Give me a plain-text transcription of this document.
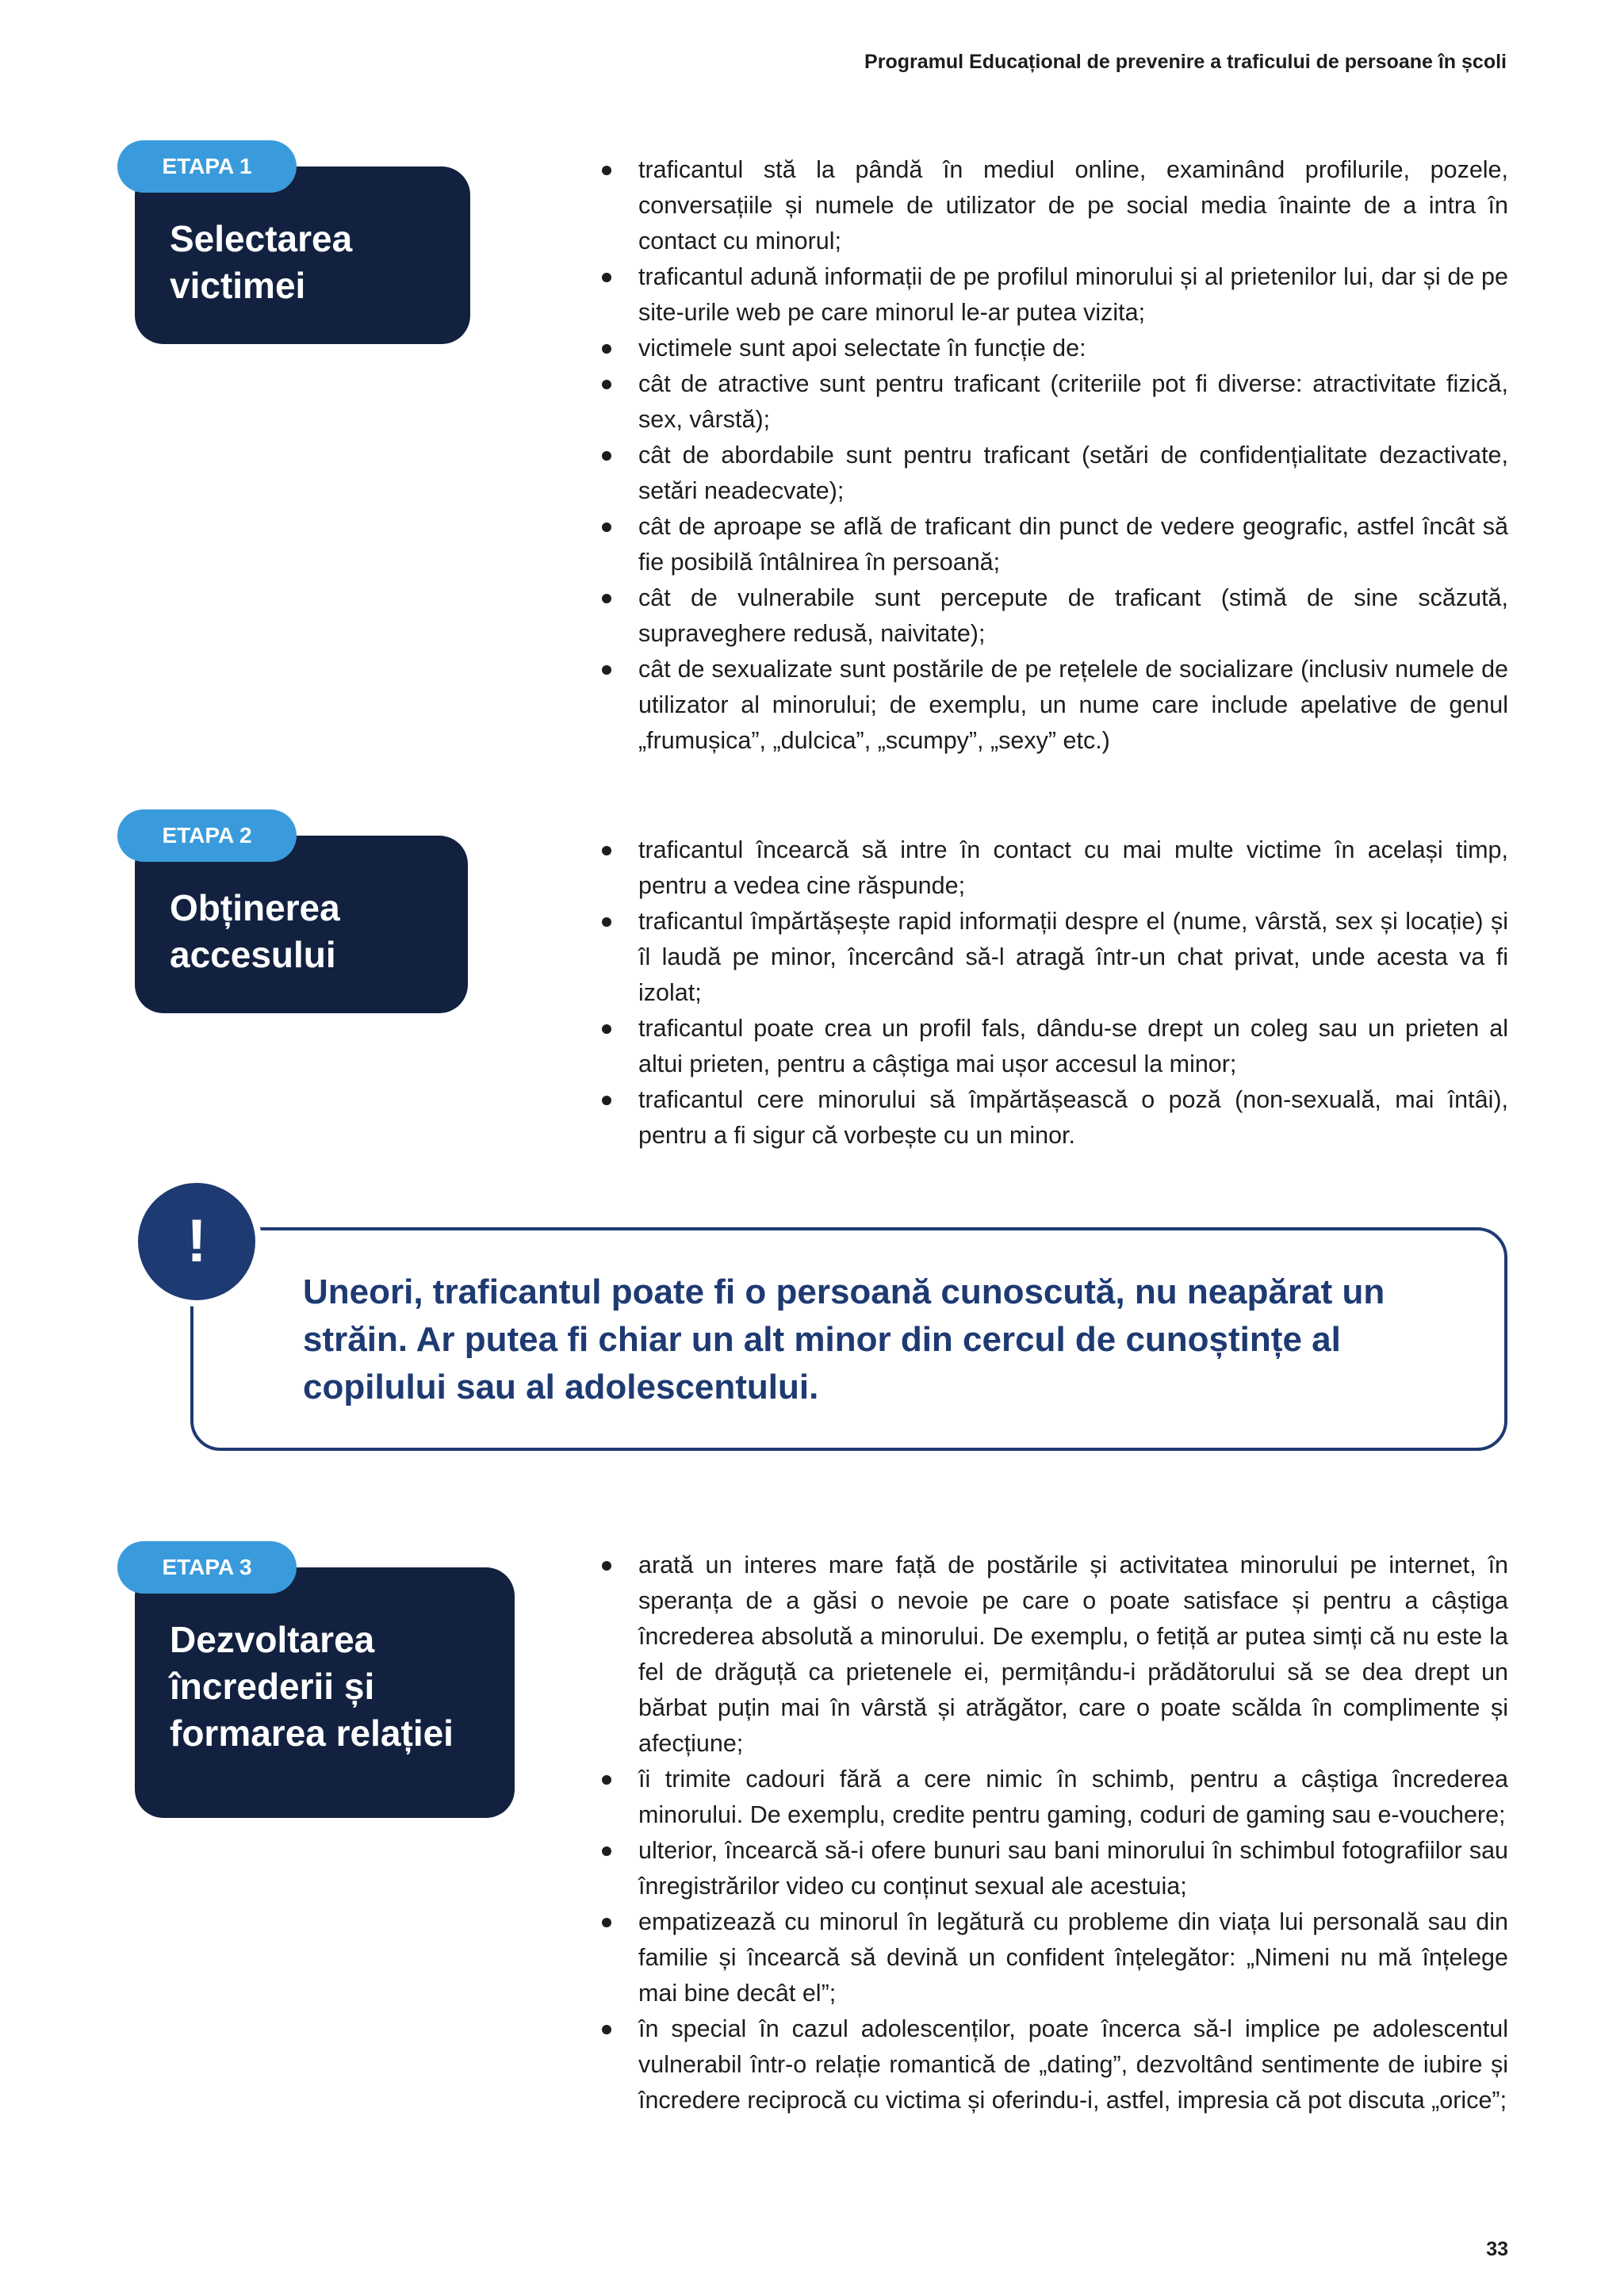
Programul Educațional de prevenire a traficului de persoane în școli
Selectarea
victimei
ETAPA 1	traficantul stă la pândă în mediul online, examinând profilurile, pozele, conversațiile și numele de utilizator de pe social media înainte de a intra în contact cu minorul;
traficantul adună informații de pe profilul minorului și al prietenilor lui, dar și de pe site-urile web pe care minorul le-ar putea vizita;
victimele sunt apoi selectate în funcție de:
cât de atractive sunt pentru traficant (criteriile pot fi diverse: atractivitate fizică, sex, vârstă);
cât de abordabile sunt pentru traficant (setări de confidențialitate dezactivate, setări neadecvate);
cât de aproape se află de traficant din punct de vedere geografic, astfel încât să fie posibilă întâlnirea în persoană;
cât de vulnerabile sunt percepute de traficant (stimă de sine scăzută, supraveghere redusă, naivitate);
cât de sexualizate sunt postările de pe rețelele de socializare (inclusiv numele de utilizator al minorului; de exemplu, un nume care include apelative de genul „frumușica”, „dulcica”, „scumpy”, „sexy” etc.)
Obținerea
accesului
ETAPA 2
traficantul încearcă să intre în contact cu mai multe victime în același timp, pentru a vedea cine răspunde;
traficantul împărtășește rapid informații despre el (nume, vârstă, sex și locație) și îl laudă pe minor, încercând să-l atragă într-un chat privat, unde acesta va fi izolat;
traficantul poate crea un profil fals, dându-se drept un coleg sau un prieten al altui prieten, pentru a câștiga mai ușor accesul la minor;
traficantul cere minorului să împărtășească o poză (non-sexuală, mai întâi), pentru a fi sigur că vorbește cu un minor.
Uneori, traficantul poate fi o persoană cunoscută, nu neapărat un străin. Ar putea fi chiar un alt minor din cercul de cunoștințe al copilului sau al adolescentului.
!
Dezvoltarea
încrederii și
formarea relației
ETAPA 3	arată un interes mare față de postările și activitatea minorului pe internet, în speranța de a găsi o nevoie pe care o poate satisface și pentru a câștiga încrederea absolută a minorului. De exemplu, o fetiță ar putea simți că nu este la fel de drăguță ca prietenele ei, permițându-i prădătorului să se dea drept un bărbat puțin mai în vârstă și atrăgător, care o poate scălda în complimente și afecțiune;
îi trimite cadouri fără a cere nimic în schimb, pentru a câștiga încrederea minorului. De exemplu, credite pentru gaming, coduri de gaming sau e-vouchere;
ulterior, încearcă să-i ofere bunuri sau bani minorului în schimbul fotografiilor sau înregistrărilor video cu conținut sexual ale acestuia;
empatizează cu minorul în legătură cu probleme din viața lui personală sau din familie și încearcă să devină un confident înțelegător: „Nimeni nu mă înțelege mai bine decât el”;
în special în cazul adolescenților, poate încerca să-l implice pe adolescentul vulnerabil într-o relație romantică de „dating”, dezvoltând sentimente de iubire și încredere reciprocă cu victima și oferindu-i, astfel, impresia că pot discuta „orice”;
33
